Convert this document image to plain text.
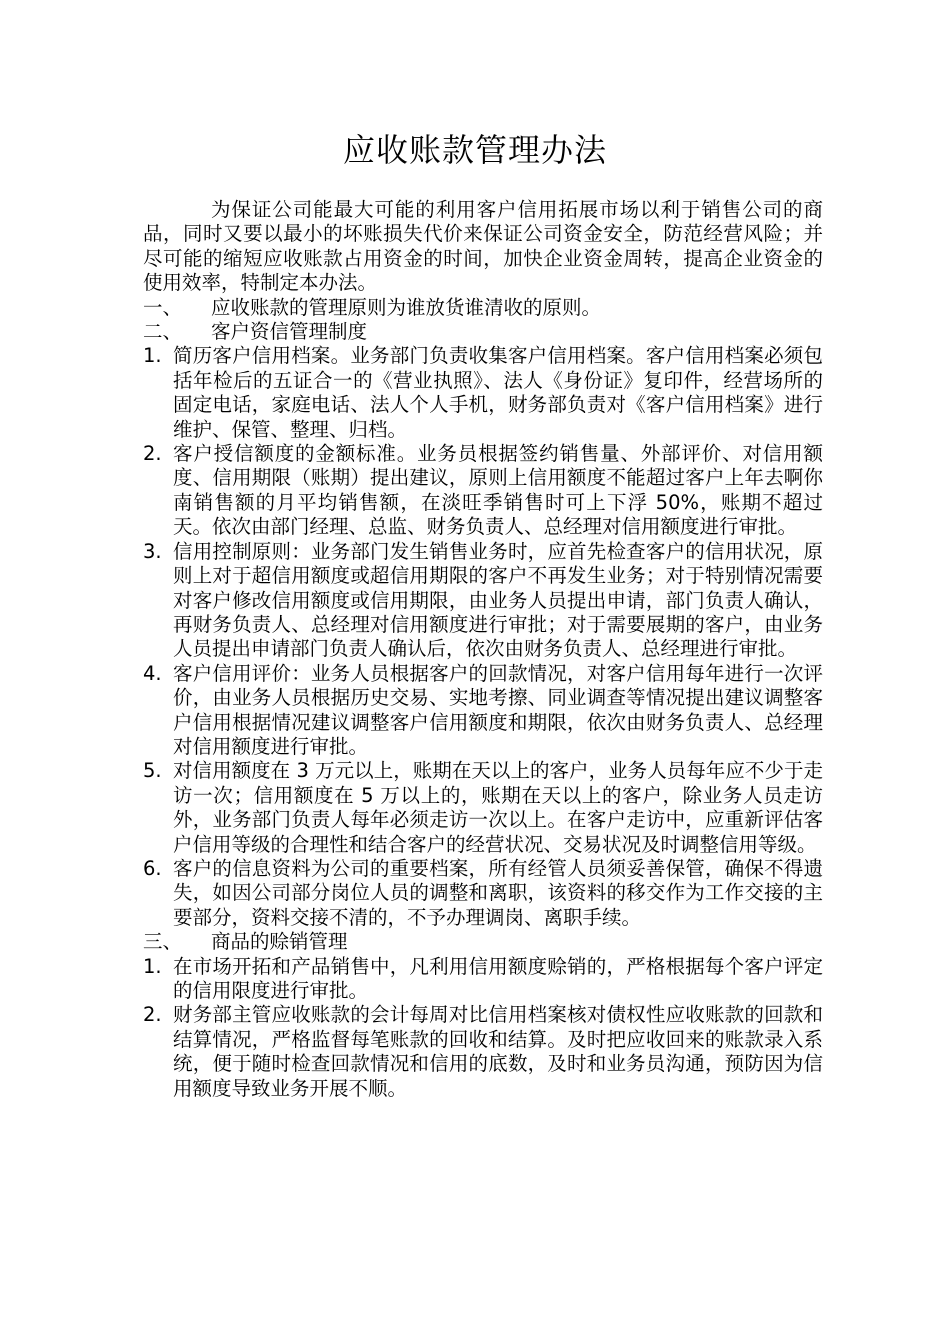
应收账款管理办法

为保证公司能最大可能的利用客户信用拓展市场以利于销售公司的商品，同时又要以最小的坏账损失代价来保证公司资金安全，防范经营风险；并尽可能的缩短应收账款占用资金的时间，加快企业资金周转，提高企业资金的使用效率，特制定本办法。

一、	应收账款的管理原则为谁放货谁清收的原则。
二、	客户资信管理制度
1. 简历客户信用档案。业务部门负责收集客户信用档案。客户信用档案必须包括年检后的五证合一的《营业执照》、法人《身份证》复印件，经营场所的固定电话，家庭电话、法人个人手机，财务部负责对《客户信用档案》进行维护、保管、整理、归档。
2. 客户授信额度的金额标准。业务员根据签约销售量、外部评价、对信用额度、信用期限（账期）提出建议，原则上信用额度不能超过客户上年去啊你南销售额的月平均销售额，在淡旺季销售时可上下浮 50%，账期不超过天。依次由部门经理、总监、财务负责人、总经理对信用额度进行审批。
3. 信用控制原则：业务部门发生销售业务时，应首先检查客户的信用状况，原则上对于超信用额度或超信用期限的客户不再发生业务；对于特别情况需要对客户修改信用额度或信用期限，由业务人员提出申请，部门负责人确认，再财务负责人、总经理对信用额度进行审批；对于需要展期的客户，由业务人员提出申请部门负责人确认后，依次由财务负责人、总经理进行审批。
4. 客户信用评价：业务人员根据客户的回款情况，对客户信用每年进行一次评价，由业务人员根据历史交易、实地考擦、同业调查等情况提出建议调整客户信用根据情况建议调整客户信用额度和期限，依次由财务负责人、总经理对信用额度进行审批。
5. 对信用额度在 3 万元以上，账期在天以上的客户，业务人员每年应不少于走访一次；信用额度在 5 万以上的，账期在天以上的客户，除业务人员走访外，业务部门负责人每年必须走访一次以上。在客户走访中，应重新评估客户信用等级的合理性和结合客户的经营状况、交易状况及时调整信用等级。
6. 客户的信息资料为公司的重要档案，所有经管人员须妥善保管，确保不得遗失，如因公司部分岗位人员的调整和离职，该资料的移交作为工作交接的主要部分，资料交接不清的，不予办理调岗、离职手续。
三、	商品的赊销管理
1. 在市场开拓和产品销售中，凡利用信用额度赊销的，严格根据每个客户评定的信用限度进行审批。
2. 财务部主管应收账款的会计每周对比信用档案核对债权性应收账款的回款和结算情况，严格监督每笔账款的回收和结算。及时把应收回来的账款录入系统，便于随时检查回款情况和信用的底数，及时和业务员沟通，预防因为信用额度导致业务开展不顺。
